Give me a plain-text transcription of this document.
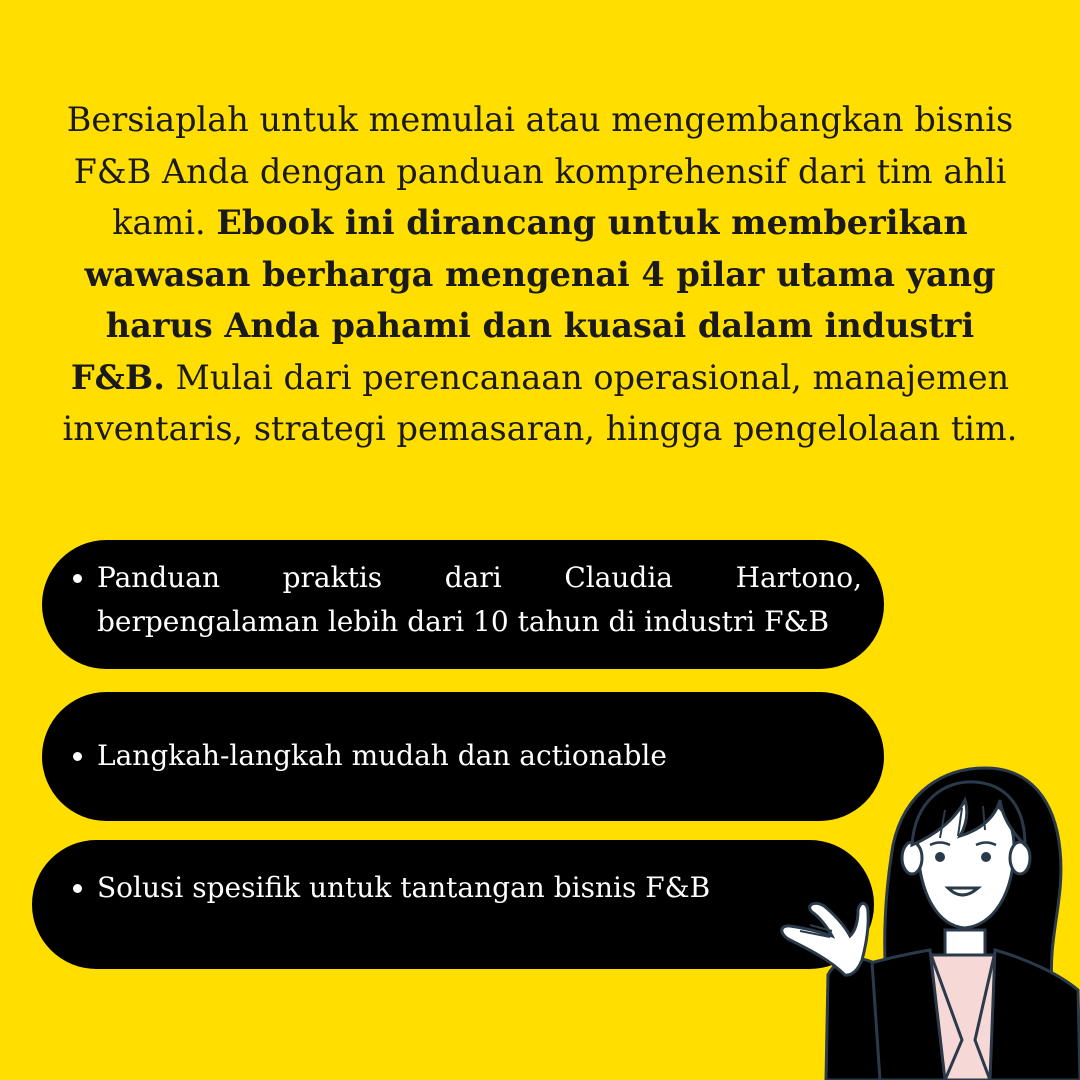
Bersiaplah untuk memulai atau mengembangkan bisnis F&B Anda dengan panduan komprehensif dari tim ahli kami. Ebook ini dirancang untuk memberikan wawasan berharga mengenai 4 pilar utama yang harus Anda pahami dan kuasai dalam industri F&B. Mulai dari perencanaan operasional, manajemen inventaris, strategi pemasaran, hingga pengelolaan tim.

• Panduan praktis dari Claudia Hartono, berpengalaman lebih dari 10 tahun di industri F&B
• Langkah-langkah mudah dan actionable
• Solusi spesifik untuk tantangan bisnis F&B
